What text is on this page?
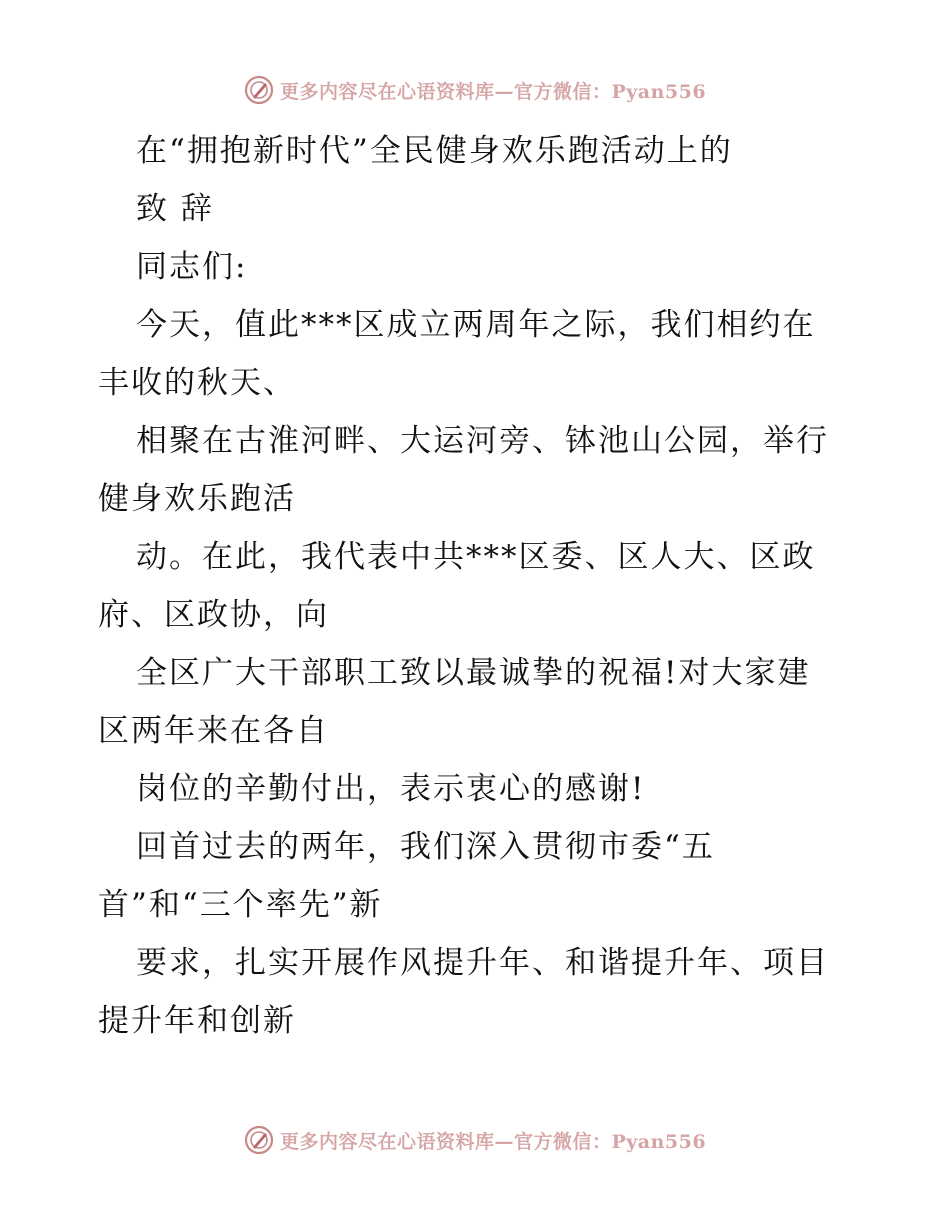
更多内容尽在心语资料库—官方微信：Pyan556
在“拥抱新时代”全民健身欢乐跑活动上的
致 辞
同志们:
今天，值此***区成立两周年之际，我们相约在
丰收的秋天、
相聚在古淮河畔、大运河旁、钵池山公园，举行
健身欢乐跑活
动。在此，我代表中共***区委、区人大、区政
府、区政协，向
全区广大干部职工致以最诚挚的祝福!对大家建
区两年来在各自
岗位的辛勤付出，表示衷心的感谢!
回首过去的两年，我们深入贯彻市委“五
首”和“三个率先”新
要求，扎实开展作风提升年、和谐提升年、项目
提升年和创新
更多内容尽在心语资料库—官方微信：Pyan556
